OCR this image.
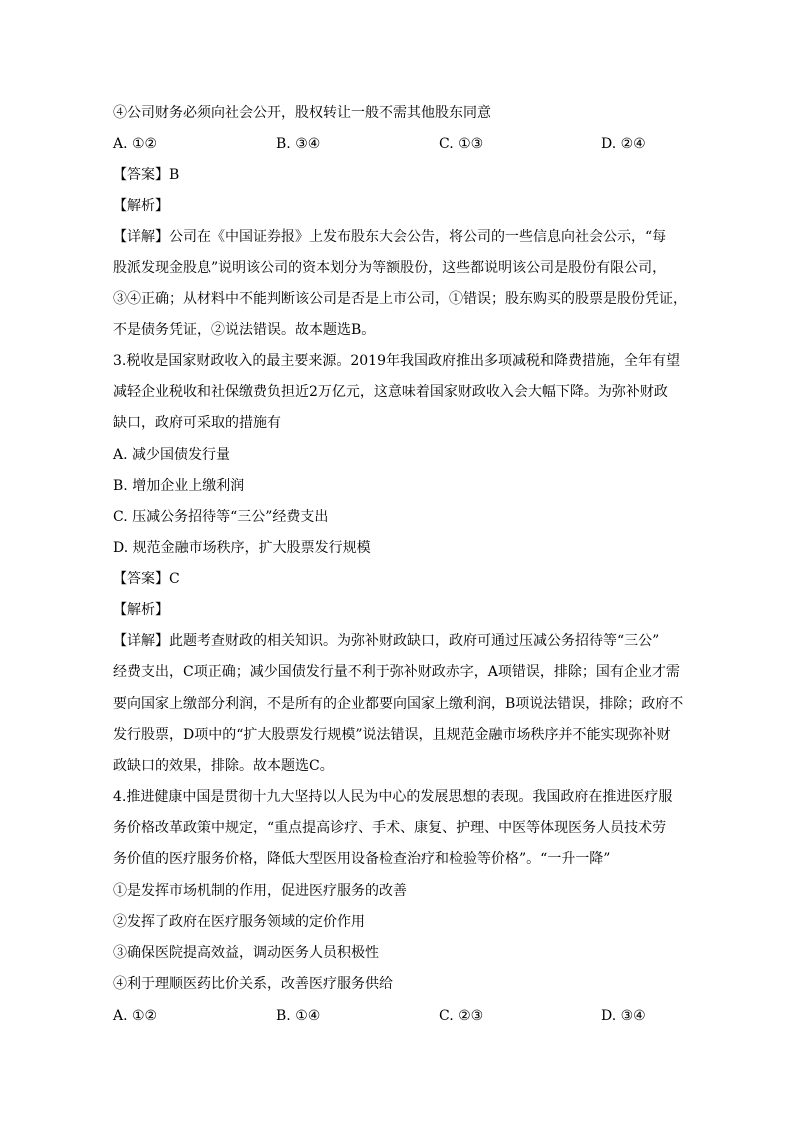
④公司财务必须向社会公开，股权转让一般不需其他股东同意
A. ①②	B. ③④	C. ①③	D. ②④
【答案】B
【解析】
【详解】公司在《中国证券报》上发布股东大会公告，将公司的一些信息向社会公示，“每
股派发现金股息”说明该公司的资本划分为等额股份，这些都说明该公司是股份有限公司，
③④正确；从材料中不能判断该公司是否是上市公司，①错误；股东购买的股票是股份凭证，
不是债务凭证，②说法错误。故本题选B。
3.税收是国家财政收入的最主要来源。2019年我国政府推出多项减税和降费措施，全年有望
减轻企业税收和社保缴费负担近2万亿元，这意味着国家财政收入会大幅下降。为弥补财政
缺口，政府可采取的措施有
A. 减少国债发行量
B. 增加企业上缴利润
C. 压减公务招待等“三公”经费支出
D. 规范金融市场秩序，扩大股票发行规模
【答案】C
【解析】
【详解】此题考查财政的相关知识。为弥补财政缺口，政府可通过压减公务招待等“三公”
经费支出，C项正确；减少国债发行量不利于弥补财政赤字，A项错误，排除；国有企业才需
要向国家上缴部分利润，不是所有的企业都要向国家上缴利润，B项说法错误，排除；政府不
发行股票，D项中的“扩大股票发行规模”说法错误，且规范金融市场秩序并不能实现弥补财
政缺口的效果，排除。故本题选C。
4.推进健康中国是贯彻十九大坚持以人民为中心的发展思想的表现。我国政府在推进医疗服
务价格改革政策中规定，“重点提高诊疗、手术、康复、护理、中医等体现医务人员技术劳
务价值的医疗服务价格，降低大型医用设备检查治疗和检验等价格”。“一升一降”
①是发挥市场机制的作用，促进医疗服务的改善
②发挥了政府在医疗服务领域的定价作用
③确保医院提高效益，调动医务人员积极性
④利于理顺医药比价关系，改善医疗服务供给
A. ①②	B. ①④	C. ②③	D. ③④
